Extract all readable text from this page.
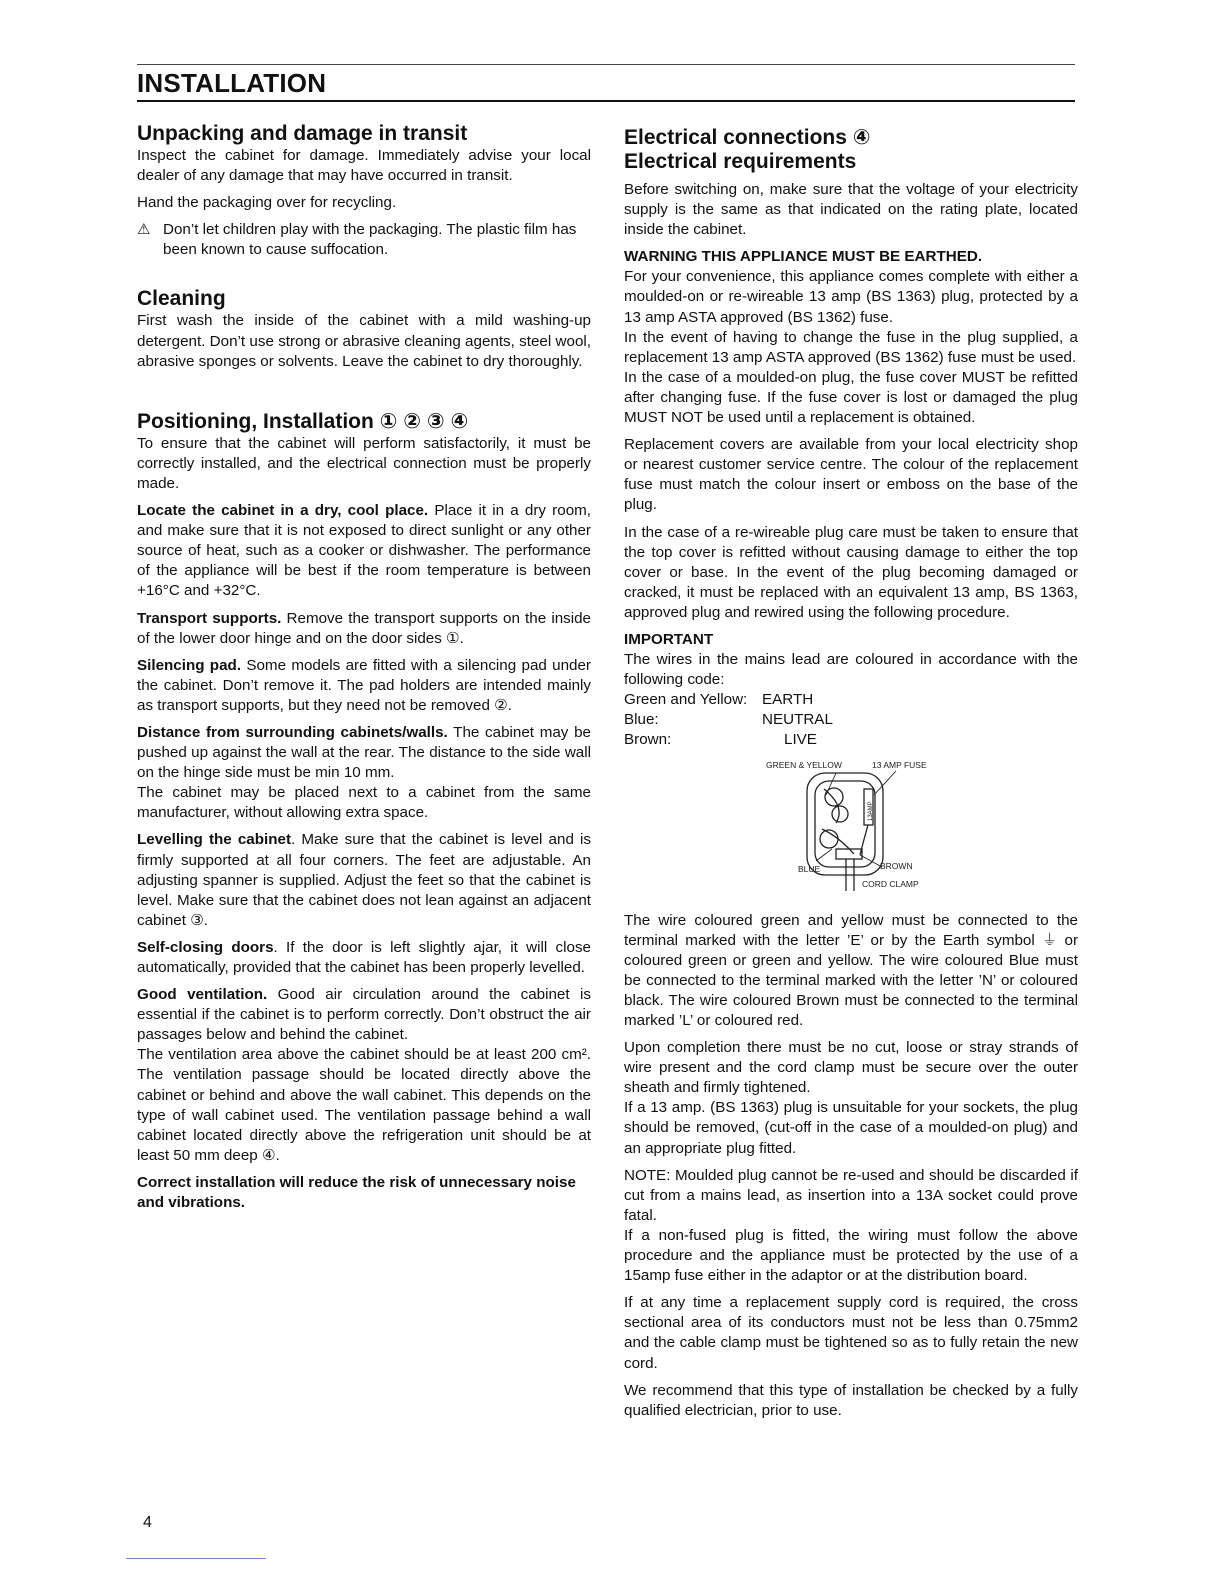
INSTALLATION
Unpacking and damage in transit

Inspect the cabinet for damage. Immediately advise your local dealer of any damage that may have occurred in transit.

Hand the packaging over for recycling.

⚠ Don’t let children play with the packaging. The plastic film has been known to cause suffocation.

Cleaning

First wash the inside of the cabinet with a mild washing-up detergent. Don’t use strong or abrasive cleaning agents, steel wool, abrasive sponges or solvents. Leave the cabinet to dry thoroughly.

Positioning, Installation ① ② ③ ④

To ensure that the cabinet will perform satisfactorily, it must be correctly installed, and the electrical connection must be properly made.

Locate the cabinet in a dry, cool place. Place it in a dry room, and make sure that it is not exposed to direct sunlight or any other source of heat, such as a cooker or dishwasher. The performance of the appliance will be best if the room temperature is between +16°C and +32°C.

Transport supports. Remove the transport supports on the inside of the lower door hinge and on the door sides ①.

Silencing pad. Some models are fitted with a silencing pad under the cabinet. Don’t remove it. The pad holders are intended mainly as transport supports, but they need not be removed ②.

Distance from surrounding cabinets/walls. The cabinet may be pushed up against the wall at the rear. The distance to the side wall on the hinge side must be min 10 mm.

The cabinet may be placed next to a cabinet from the same manufacturer, without allowing extra space.

Levelling the cabinet. Make sure that the cabinet is level and is firmly supported at all four corners. The feet are adjustable. An adjusting spanner is supplied. Adjust the feet so that the cabinet is level. Make sure that the cabinet does not lean against an adjacent cabinet ③.

Self-closing doors. If the door is left slightly ajar, it will close automatically, provided that the cabinet has been properly levelled.

Good ventilation. Good air circulation around the cabinet is essential if the cabinet is to perform correctly. Don’t obstruct the air passages below and behind the cabinet.

The ventilation area above the cabinet should be at least 200 cm². The ventilation passage should be located directly above the cabinet or behind and above the wall cabinet. This depends on the type of wall cabinet used. The ventilation passage behind a wall cabinet located directly above the refrigeration unit should be at least 50 mm deep ④.

Correct installation will reduce the risk of unnecessary noise and vibrations.

Electrical connections ④
Electrical requirements

Before switching on, make sure that the voltage of your electricity supply is the same as that indicated on the rating plate, located inside the cabinet.

WARNING THIS APPLIANCE MUST BE EARTHED.

For your convenience, this appliance comes complete with either a moulded-on or re-wireable 13 amp (BS 1363) plug, protected by a 13 amp ASTA approved (BS 1362) fuse.

In the event of having to change the fuse in the plug supplied, a replacement 13 amp ASTA approved (BS 1362) fuse must be used.

In the case of a moulded-on plug, the fuse cover MUST be refitted after changing fuse. If the fuse cover is lost or damaged the plug MUST NOT be used until a replacement is obtained.

Replacement covers are available from your local electricity shop or nearest customer service centre. The colour of the replacement fuse must match the colour insert or emboss on the base of the plug.

In the case of a re-wireable plug care must be taken to ensure that the top cover is refitted without causing damage to either the top cover or base. In the event of the plug becoming damaged or cracked, it must be replaced with an equivalent 13 amp, BS 1363, approved plug and rewired using the following procedure.

IMPORTANT

The wires in the mains lead are coloured in accordance with the following code:

Green and Yellow: EARTH
Blue:	NEUTRAL
Brown:	LIVE
GREEN & YELLOW	13 AMP FUSE
13AMP
BLUE	BROWN
CORD CLAMP

The wire coloured green and yellow must be connected to the terminal marked with the letter ’E’ or by the Earth symbol ⏚ or coloured green or green and yellow. The wire coloured Blue must be connected to the terminal marked with the letter ’N’ or coloured black. The wire coloured Brown must be connected to the terminal marked ’L’ or coloured red.

Upon completion there must be no cut, loose or stray strands of wire present and the cord clamp must be secure over the outer sheath and firmly tightened.

If a 13 amp. (BS 1363) plug is unsuitable for your sockets, the plug should be removed, (cut-off in the case of a moulded-on plug) and an appropriate plug fitted.

NOTE: Moulded plug cannot be re-used and should be discarded if cut from a mains lead, as insertion into a 13A socket could prove fatal.

If a non-fused plug is fitted, the wiring must follow the above procedure and the appliance must be protected by the use of a 15amp fuse either in the adaptor or at the distribution board.

If at any time a replacement supply cord is required, the cross sectional area of its conductors must not be less than 0.75mm2 and the cable clamp must be tightened so as to fully retain the new cord.

We recommend that this type of installation be checked by a fully qualified electrician, prior to use.

4
